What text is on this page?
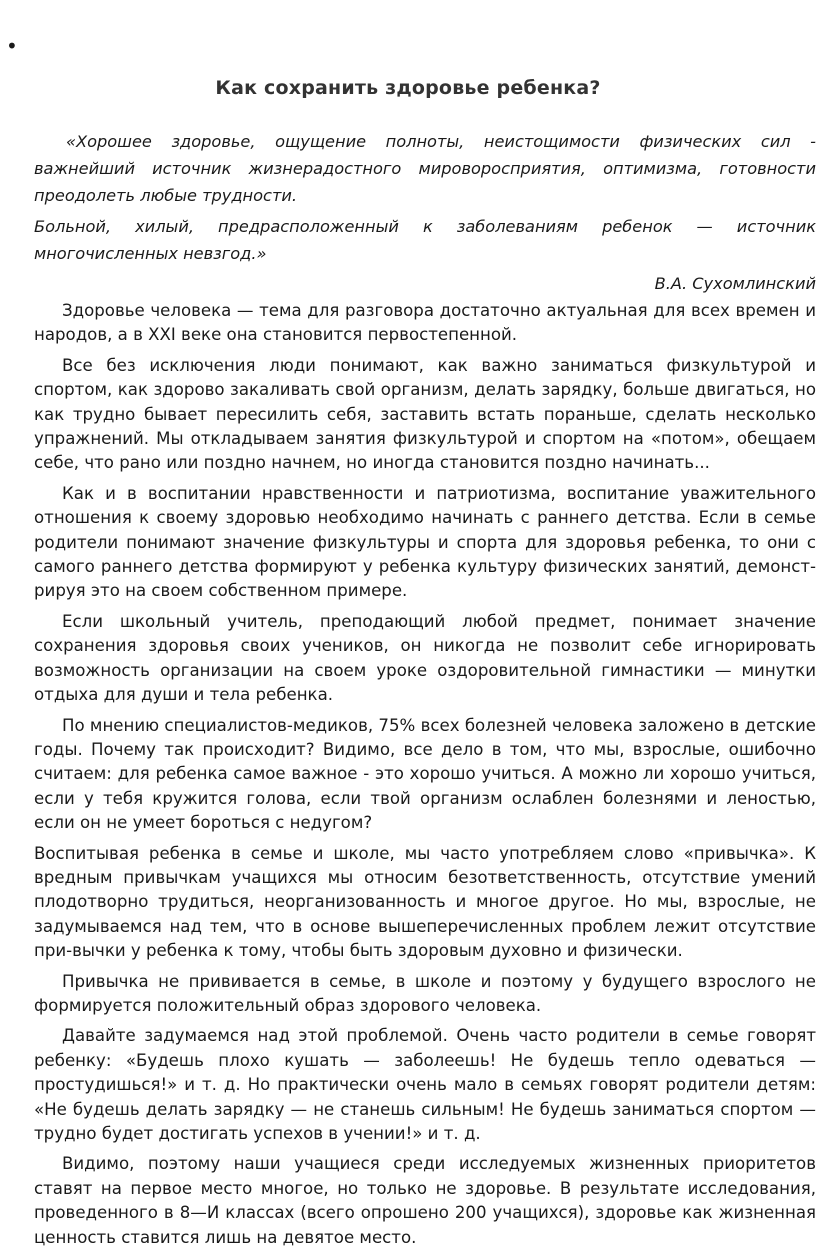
•
Как сохранить здоровье ребенка?

«Хорошее здоровье, ощущение полноты, неистощимости физических сил - важнейший источник жизнерадостного мироворосприятия, оптимизма, готовности преодолеть любые трудности.

Больной, хилый, предрасположенный к заболеваниям ребенок — источник многочисленных невзгод.»

В.А. Сухомлинский

Здоровье человека — тема для разговора достаточно актуальная для всех времен и народов, а в XXI веке она становится первостепенной.

Все без исключения люди понимают, как важно заниматься физкультурой и спортом, как здорово закаливать свой организм, делать зарядку, больше двигаться, но как трудно бывает пересилить себя, заставить встать пораньше, сделать несколько упражнений. Мы откладываем занятия физкультурой и спортом на «потом», обещаем себе, что рано или поздно начнем, но иногда становится поздно начинать...

Как и в воспитании нравственности и патриотизма, воспитание уважительного отношения к своему здоровью необходимо начинать с раннего детства. Если в семье родители понимают значение физкультуры и спорта для здоровья ребенка, то они с самого раннего детства формируют у ребенка культуру физических занятий, демонст-рируя это на своем собственном примере.

Если школьный учитель, преподающий любой предмет, понимает значение сохранения здоровья своих учеников, он никогда не позволит себе игнорировать возможность организации на своем уроке оздоровительной гимнастики — минутки отдыха для души и тела ребенка.

По мнению специалистов-медиков, 75% всех болезней человека заложено в детские годы. Почему так происходит? Видимо, все дело в том, что мы, взрослые, ошибочно считаем: для ребенка самое важное - это хорошо учиться. А можно ли хорошо учиться, если у тебя кружится голова, если твой организм ослаблен болезнями и леностью, если он не умеет бороться с недугом?

Воспитывая ребенка в семье и школе, мы часто употребляем слово «привычка». К вредным привычкам учащихся мы относим безответственность, отсутствие умений плодотворно трудиться, неорганизованность и многое другое. Но мы, взрослые, не задумываемся над тем, что в основе вышеперечисленных проблем лежит отсутствие при-вычки у ребенка к тому, чтобы быть здоровым духовно и физически.

Привычка не прививается в семье, в школе и поэтому у будущего взрослого не формируется положительный образ здорового человека.

Давайте задумаемся над этой проблемой. Очень часто родители в семье говорят ребенку: «Будешь плохо кушать — заболеешь! Не будешь тепло одеваться — простудишься!» и т. д. Но практически очень мало в семьях говорят родители детям: «Не будешь делать зарядку — не станешь сильным! Не будешь заниматься спортом — трудно будет достигать успехов в учении!» и т. д.

Видимо, поэтому наши учащиеся среди исследуемых жизненных приоритетов ставят на первое место многое, но только не здоровье. В результате исследования, проведенного в 8—И классах (всего опрошено 200 учащихся), здоровье как жизненная ценность ставится лишь на девятое место.
